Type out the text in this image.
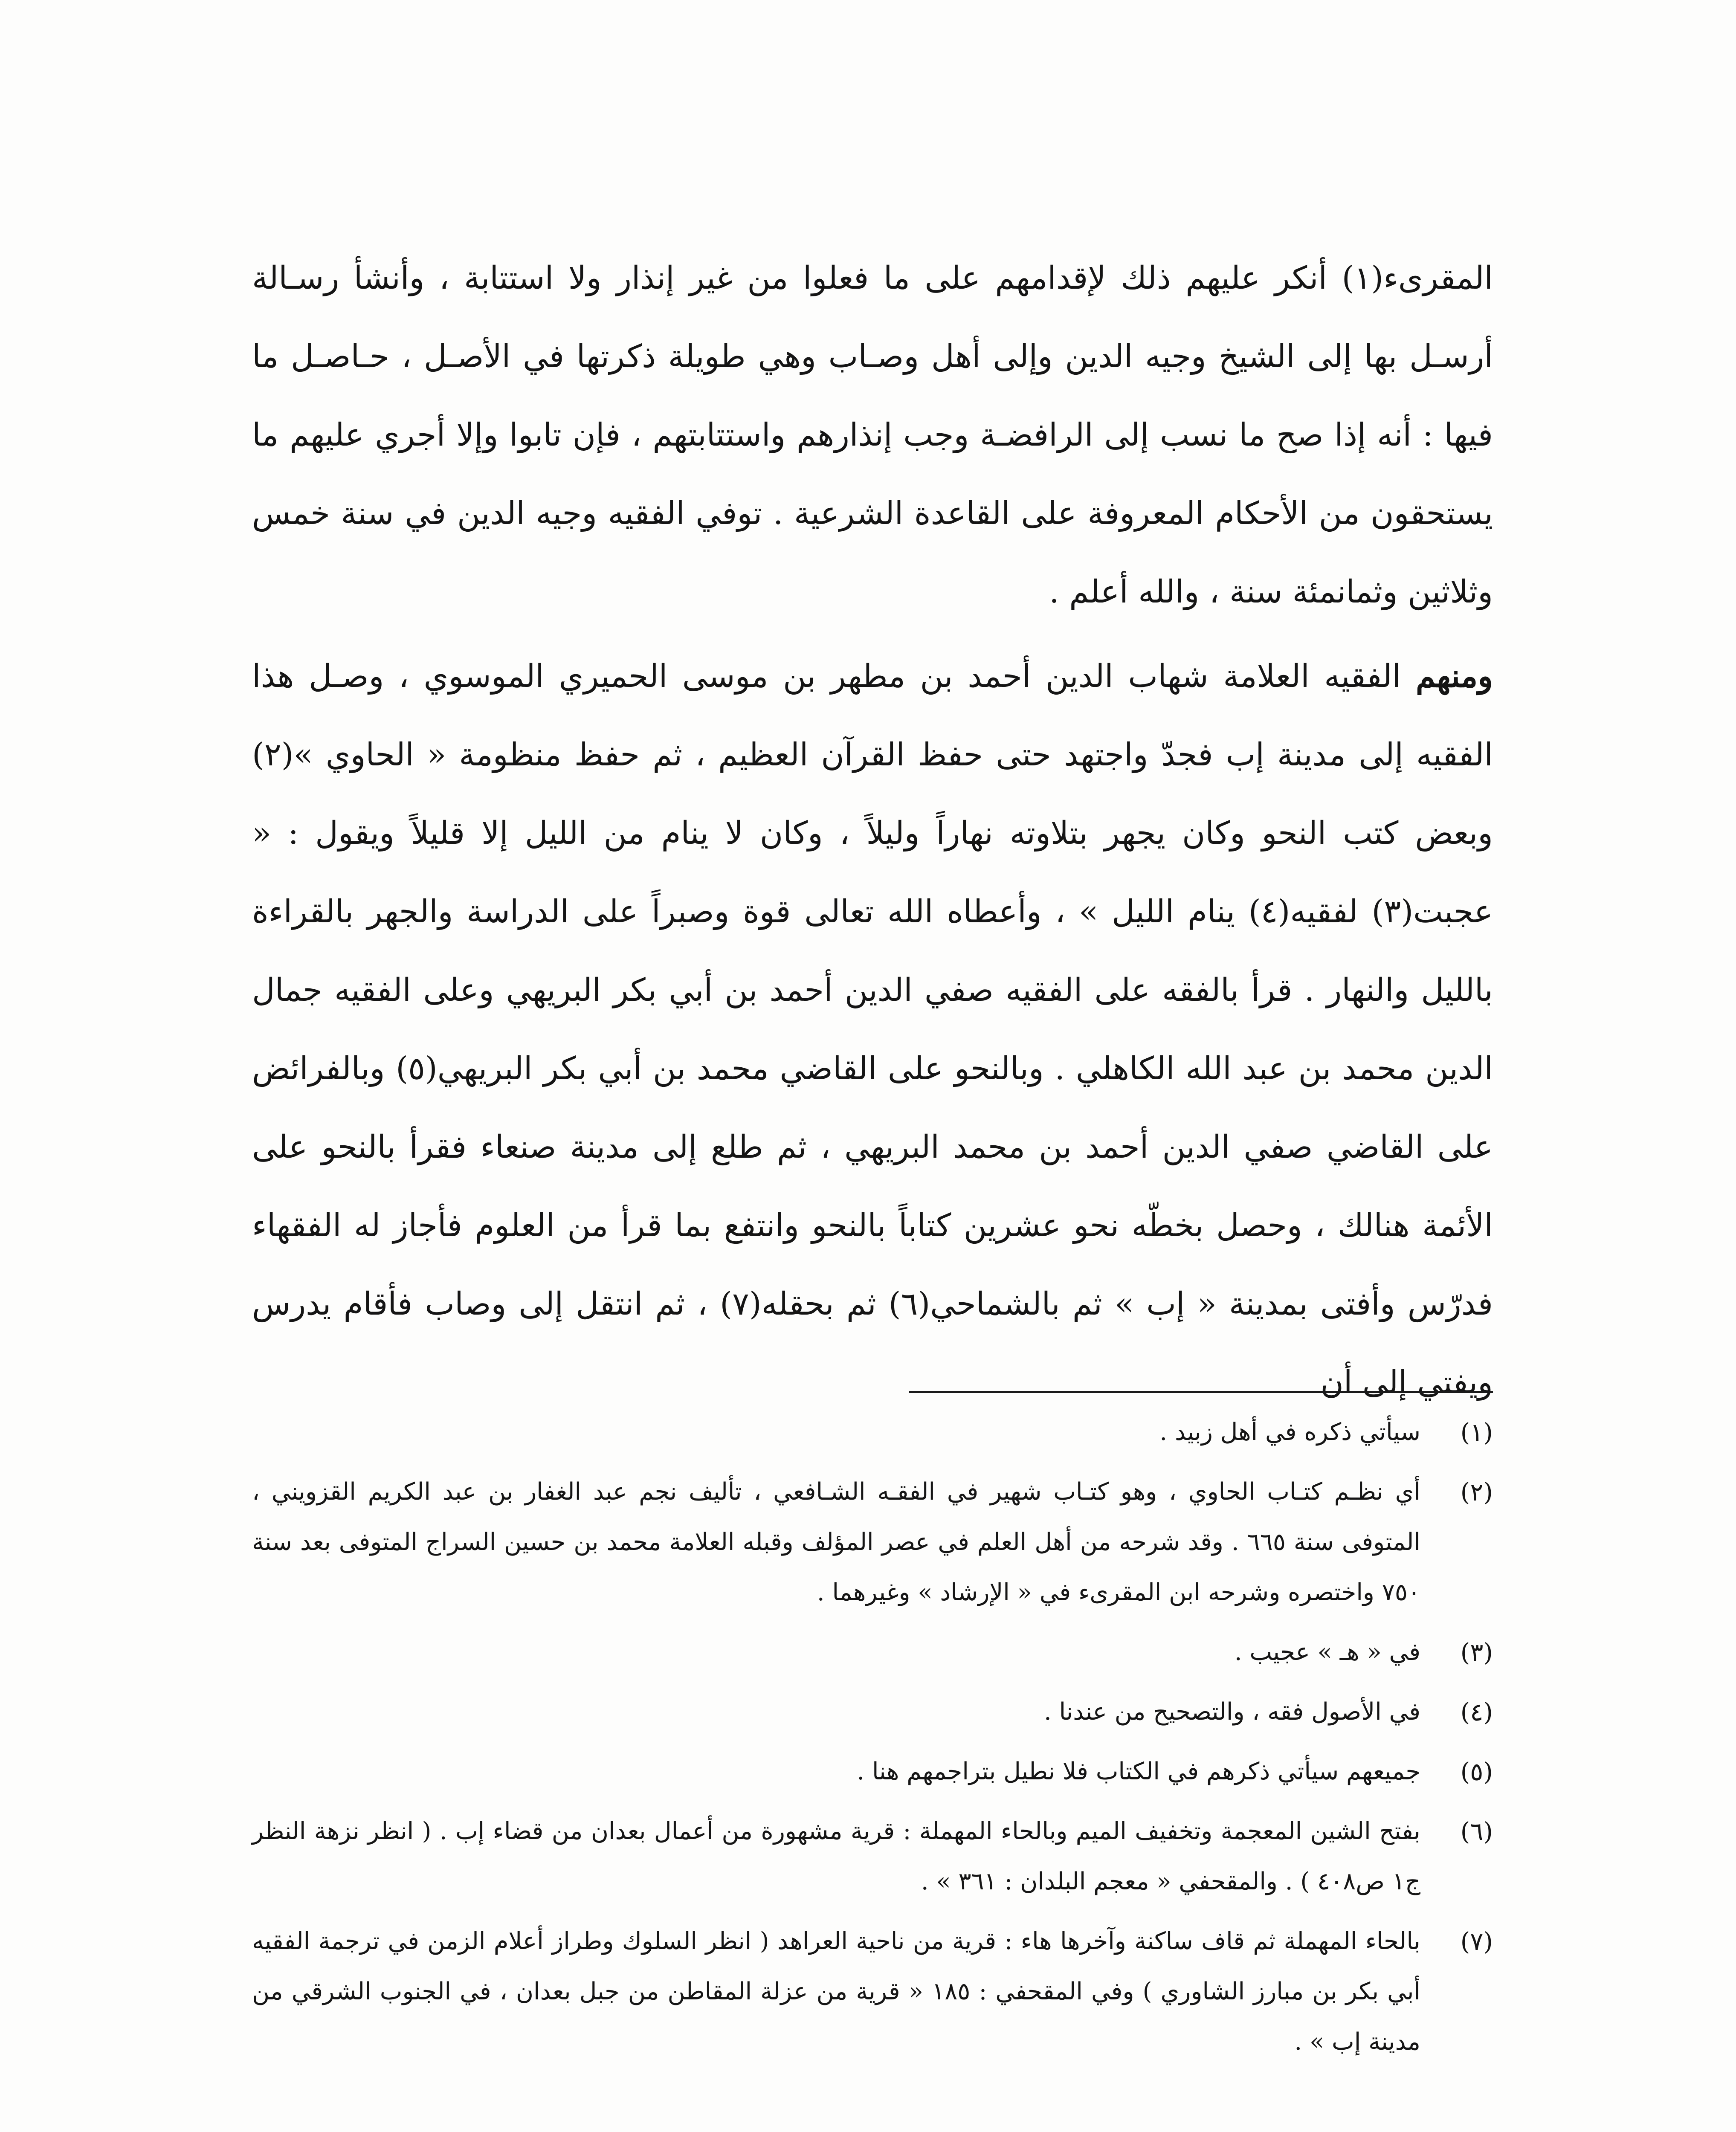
المقرىء(١) أنكر عليهم ذلك لإقدامهم على ما فعلوا من غير إنذار ولا استتابة ، وأنشأ رسـالة أرسـل بها إلى الشيخ وجيه الدين وإلى أهل وصـاب وهي طويلة ذكرتها في الأصـل ، حـاصـل ما فيها : أنه إذا صح ما نسب إلى الرافضـة وجب إنذارهم واستتابتهم ، فإن تابوا وإلا أجري عليهم ما يستحقون من الأحكام المعروفة على القاعدة الشرعية . توفي الفقيه وجيه الدين في سنة خمس وثلاثين وثمانمئة سنة ، والله أعلم .

ومنهم الفقيه العلامة شهاب الدين أحمد بن مطهر بن موسى الحميري الموسوي ، وصـل هذا الفقيه إلى مدينة إب فجدّ واجتهد حتى حفظ القرآن العظيم ، ثم حفظ منظومة « الحاوي »(٢) وبعض كتب النحو وكان يجهر بتلاوته نهاراً وليلاً ، وكان لا ينام من الليل إلا قليلاً ويقول : « عجبت(٣) لفقيه(٤) ينام الليل » ، وأعطاه الله تعالى قوة وصبراً على الدراسة والجهر بالقراءة بالليل والنهار . قرأ بالفقه على الفقيه صفي الدين أحمد بن أبي بكر البريهي وعلى الفقيه جمال الدين محمد بن عبد الله الكاهلي . وبالنحو على القاضي محمد بن أبي بكر البريهي(٥) وبالفرائض على القاضي صفي الدين أحمد بن محمد البريهي ، ثم طلع إلى مدينة صنعاء فقرأ بالنحو على الأئمة هنالك ، وحصل بخطّه نحو عشرين كتاباً بالنحو وانتفع بما قرأ من العلوم فأجاز له الفقهاء فدرّس وأفتى بمدينة « إب » ثم بالشماحي(٦) ثم بحقله(٧) ، ثم انتقل إلى وصاب فأقام يدرس ويفتي إلى أن

(١)
سيأتي ذكره في أهل زبيد .
(٢)
أي نظـم كتـاب الحاوي ، وهو كتـاب شهير في الفقـه الشـافعي ، تأليف نجم عبد الغفار بن عبد الكريم القزويني ، المتوفى سنة ٦٦٥ . وقد شرحه من أهل العلم في عصر المؤلف وقبله العلامة محمد بن حسين السراج المتوفى بعد سنة ٧٥٠ واختصره وشرحه ابن المقرىء في « الإرشاد » وغيرهما .
(٣)
في « هـ » عجيب .
(٤)
في الأصول فقه ، والتصحيح من عندنا .
(٥)
جميعهم سيأتي ذكرهم في الكتاب فلا نطيل بتراجمهم هنا .
(٦)
بفتح الشين المعجمة وتخفيف الميم وبالحاء المهملة : قرية مشهورة من أعمال بعدان من قضاء إب . ( انظر نزهة النظر ج١ ص٤٠٨ ) . والمقحفي « معجم البلدان : ٣٦١ » .
(٧)
بالحاء المهملة ثم قاف ساكنة وآخرها هاء : قرية من ناحية العراهد ( انظر السلوك وطراز أعلام الزمن في ترجمة الفقيه أبي بكر بن مبارز الشاوري ) وفي المقحفي : ١٨٥ « قرية من عزلة المقاطن من جبل بعدان ، في الجنوب الشرقي من مدينة إب » .
